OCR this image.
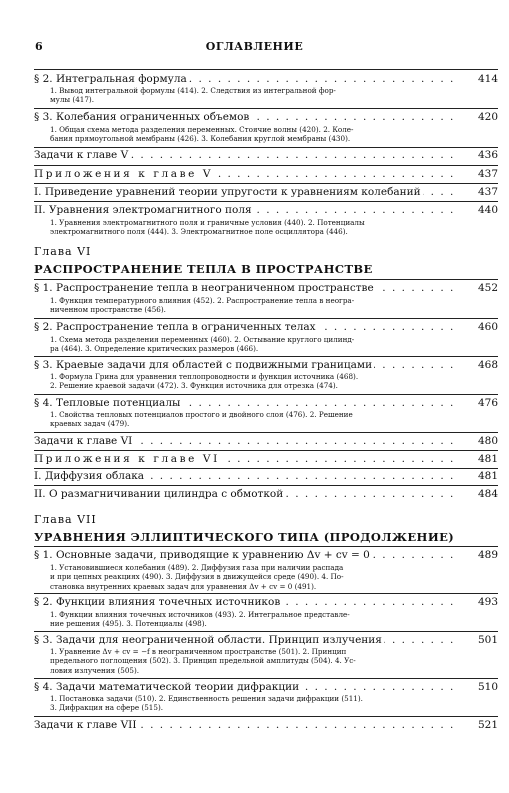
6	ОГЛАВЛЕНИЕ
§ 2. Интегральная формула . . .	414
1. Вывод интегральной формулы (414). 2. Следствия из интегральной фор-
мулы (417).
§ 3. Колебания ограниченных объемов . . .	420
1. Общая схема метода разделения переменных. Стоячие волны (420). 2. Коле-
бания прямоугольной мембраны (426). 3. Колебания круглой мембраны (430).
Задачи к главе V . . .	436
Приложения к главе V . . .	437
I. Приведение уравнений теории упругости к уравнениям колебаний . . .	437
II. Уравнения электромагнитного поля . . .	440
1. Уравнения электромагнитного поля и граничные условия (440). 2. Потенциалы
электромагнитного поля (444). 3. Электромагнитное поле осциллятора (446).
Глава VI
РАСПРОСТРАНЕНИЕ ТЕПЛА В ПРОСТРАНСТВЕ
§ 1. Распространение тепла в неограниченном пространстве . . .	452
1. Функция температурного влияния (452). 2. Распространение тепла в неогра-
ниченном пространстве (456).
§ 2. Распространение тепла в ограниченных телах . . .	460
1. Схема метода разделения переменных (460). 2. Остывание круглого цилинд-
ра (464). 3. Определение критических размеров (466).
§ 3. Краевые задачи для областей с подвижными границами . . .	468
1. Формула Грина для уравнения теплопроводности и функция источника (468).
2. Решение краевой задачи (472). 3. Функция источника для отрезка (474).
§ 4. Тепловые потенциалы . . .	476
1. Свойства тепловых потенциалов простого и двойного слоя (476). 2. Решение
краевых задач (479).
Задачи к главе VI . . .	480
Приложения к главе VI . . .	481
I. Диффузия облака . . .	481
II. О размагничивании цилиндра с обмоткой . . .	484
Глава VII
УРАВНЕНИЯ ЭЛЛИПТИЧЕСКОГО ТИПА (ПРОДОЛЖЕНИЕ)
§ 1. Основные задачи, приводящие к уравнению Δv + cv = 0 . . .	489
1. Установившиеся колебания (489). 2. Диффузия газа при наличии распада
и при цепных реакциях (490). 3. Диффузия в движущейся среде (490). 4. По-
становка внутренних краевых задач для уравнения Δv + cv = 0 (491).
§ 2. Функции влияния точечных источников . . .	493
1. Функции влияния точечных источников (493). 2. Интегральное представле-
ние решения (495). 3. Потенциалы (498).
§ 3. Задачи для неограниченной области. Принцип излучения . . .	501
1. Уравнение Δv + cv = −f в неограниченном пространстве (501). 2. Принцип
предельного поглощения (502). 3. Принцип предельной амплитуды (504). 4. Ус-
ловия излучения (505).
§ 4. Задачи математической теории дифракции . . .	510
1. Постановка задачи (510). 2. Единственность решения задачи дифракции (511).
3. Дифракция на сфере (515).
Задачи к главе VII . . .	521
